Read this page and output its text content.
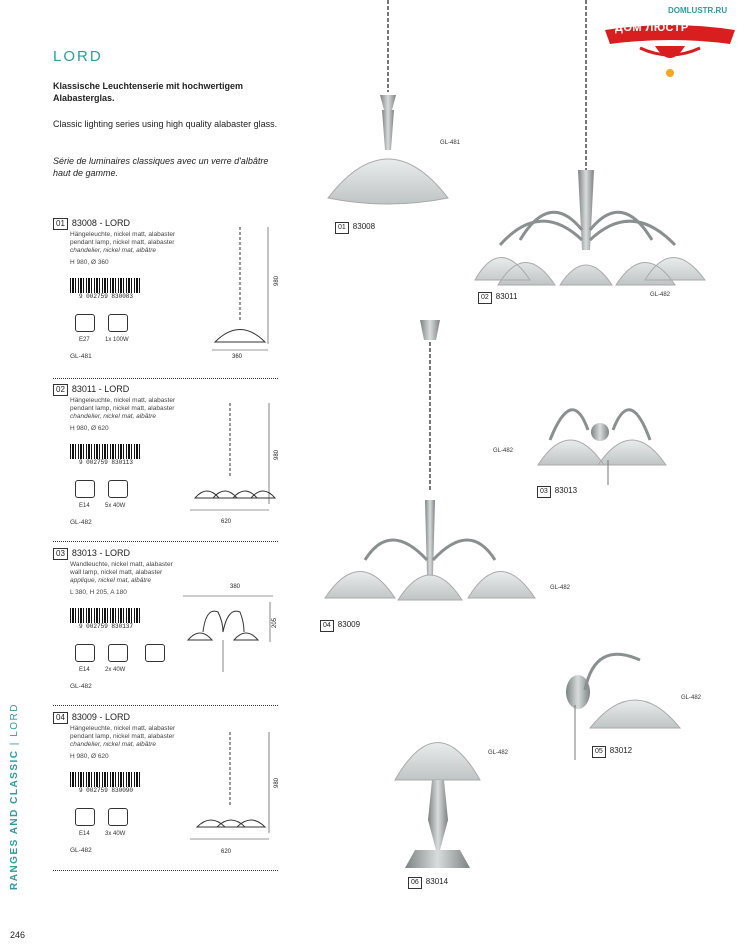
DOMLUSTR.RU
ДОМ ЛЮСТР
LORD
Klassische Leuchtenserie mit hochwertigem Alabasterglas.
Classic lighting series using high quality alabaster glass.
Série de luminaires classiques avec un verre d'albâtre haut de gamme.
01 83008 - LORD
Hängeleuchte, nickel matt, alabaster
pendant lamp, nickel matt, alabaster
chandelier, nickel mat, albâtre
H 980, Ø 360
9 002759 830083
E27	1x 100W
GL-481
02 83011 - LORD
Hängeleuchte, nickel matt, alabaster
pendant lamp, nickel matt, alabaster
chandelier, nickel mat, albâtre
H 980, Ø 620
9 002759 830113
E14	5x 40W
GL-482
03 83013 - LORD
Wandleuchte, nickel matt, alabaster
wall lamp, nickel matt, alabaster
applique, nickel mat, albâtre
L 380, H 205, A 180
9 002759 830137
E14	2x 40W
GL-482
04 83009 - LORD
Hängeleuchte, nickel matt, alabaster
pendant lamp, nickel matt, alabaster
chandelier, nickel mat, albâtre
H 980, Ø 620
9 002759 830090
E14	3x 40W
GL-482
980
360
980
620
380
205
980
620
01 83008
GL-481
02 83011	GL-482
03 83013
GL-482
04 83009
GL-482
05 83012
GL-482
06 83014
GL-482
RANGES AND CLASSIC | LORD
246
